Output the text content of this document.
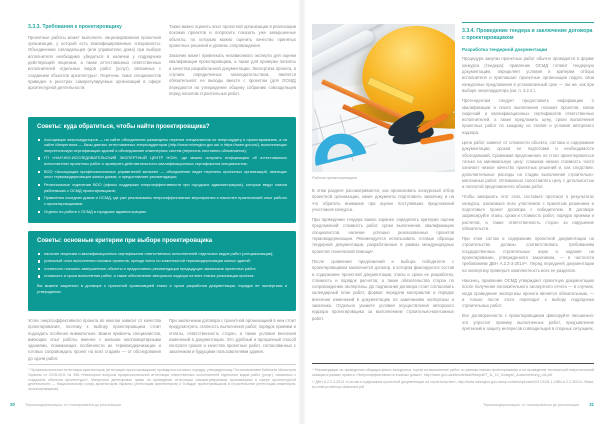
3.3.3. Требования к проектировщику

Проектные работы может выполнять лицензированная проектная организация, у которой есть квалифицированные специалисты. Объединению совладельцев (или управителю дома) при выборе исполнителя необходимо убедиться в наличии у подрядчика действующей лицензии, а также аттестованных ответственных исполнителей отдельных видов работ (услуг), связанных с созданием объектов архитектуры⁸. Перечень таких специалистов приведен в реестрах саморегулируемых организаций в сфере архитектурной деятельности.

Также важно оценить опыт проектной организации в реализации похожих проектов и попросить показать уже завершенные объекты, по которым можно оценить качество принятых проектных решений и уровень сопровождения.

Заказчик может привлекать независимого эксперта для оценки квалификации проектировщика, а также для проверки полноты и качества разработанной документации. Экспертиза проекта, в случаях определенных законодательством, является обязательной: ее выводы вместе с проектом (для ОСМД) передаются на утверждение общему собранию совладельцев перед началом строительных работ.

Советы: куда обратиться, чтобы найти проектировщика?
Ассоциация энергоаудиторов — на сайте объединения размещены перечни специалистов по энергоаудиту и проектированию, а на сайте Минрегиона — базы данных аттестованных энергоаудиторов (http://www.minregion.gov.ua/ и https://saee.gov.ua/), выполняющих энергетическую сертификацию зданий и обследование инженерных систем (перечень постоянно обновляется);
ГП «НАУЧНО-ИССЛЕДОВАТЕЛЬСКИЙ ЭКСПЕРТНЫЙ ЦЕНТР НСИ», где можно получить информацию об аттестованных исполнителях проектных работ и проверить действительность квалификационных сертификатов специалистов;
ВОО «Ассоциация профессиональных управителей жильем» — объединение ведет перечень проектных организаций, имеющих опыт термомодернизации жилых домов, и предоставляет рекомендации;
Региональные отделения ВОО (офисы поддержки энергоэффективности при городских администрациях), которые ведут списки работавших с ОСМД проектировщиков;
Правления соседних домов и ОСМД, где уже реализованы энергоэффективные мероприятия и накоплен практический опыт работы с проектировщиками;
Отделы по работе с ОСМД в городских администрациях.
Советы: основные критерии при выборе проектировщика
наличие лицензии и квалификационных сертификатов ответственных исполнителей отдельных видов работ (специализация);
успешный опыт выполнения похожих проектов, прежде всего по комплексной термомодернизации жилых зданий;
готовность показать завершенные объекты и предоставить рекомендации предыдущих заказчиков проектных работ;
стоимость и сроки выполнения работ, а также обеспечение авторского надзора на всех этапах реализации проекта.

Вы можете закрепить в договоре с проектной организацией этапы и сроки разработки документации, порядок ее экспертизы и утверждения.

Успех энергоэффективного проекта во многом зависит от качества проектирования, поэтому к выбору проектировщика стоит подходить особенно внимательно. Важно привлечь специалистов, имеющих опыт работы именно с жилыми многоквартирными зданиями, понимающих особенности их термомодернизации и готовых сопровождать проект на всех стадиях — от обследования до сдачи работ.

При заключении договора с проектной организацией в нем стоит предусмотреть этапность выполнения работ, порядок приемки и оплаты, ответственность сторон, а также условия внесения изменений в документацию. Это удобный и прозрачный способ контроля сроков и качества проектных работ, согласованных с заказчиком и будущими пользователями здания.

⁸ Профессиональная аттестация архитекторов (аттестация проектировщиков) проводится согласно порядку, утвержденному Постановлением Кабинета Министров Украины от 23.05.2011 № 554 «Некоторые вопросы профессиональной аттестации ответственных исполнителей отдельных видов работ (услуг), связанных с созданием объектов архитектуры». Минрегион делегировал право на проведение аттестации саморегулируемым организациям в сфере архитектурной деятельности — Национальному союзу архитекторов Украины (аттестация архитекторов) и Гильдии проектировщиков в строительстве (аттестация инженеров-проектировщиков).

30	Термомодернизация: от планирования до реализации

Работа проектировщика

В этом разделе рассматривается, как организовать конкурсный отбор проектной организации, какие документы подготовить заказчику и на что обратить внимание при оценке поступивших предложений участников конкурса.

При проведении тендера важно заранее определить критерии оценки предложений: стоимость работ, сроки выполнения, квалификацию специалистов, наличие успешно реализованных проектов термомодернизации. Рекомендуется использовать готовые образцы тендерной документации, разработанные в рамках международных проектов технической помощи⁹.

После сравнения предложений и выбора победителя с проектировщиком заключается договор, в котором фиксируются состав и содержание проектной документации, этапы и сроки ее разработки, стоимость и порядок расчетов, а также обязательства сторон по сопровождению экспертизы. До подписания договора стоит согласовать календарный план работ, формат передачи материалов и порядок внесения изменений в документацию по замечаниям экспертизы и заказчика. Отдельно укажите условия осуществления авторского надзора проектировщика за выполнением строительно-монтажных работ.

3.3.4. Проведение тендера и заключение договора с проектировщиком
Разработка тендерной документации

Процедура закупки проектных работ обычно проводится в форме конкурса (тендера): правление ОСМД готовит тендерную документацию, определяет условия и критерии отбора исполнителя и приглашает проектные организации подать свои конкурсные предложения в установленный срок — так же, как при выборе энергоаудитора (см. п. 3.2.2.).

Претендентам следует предоставить информацию о квалификации и опыте выполнения похожих проектов, копии лицензий и квалификационных сертификатов ответственных исполнителей, а также предложить цену, сроки выполнения проектных работ по каждому из этапов и условия авторского надзора.

Цена работ зависит от сложности объекта, состава и содержания документации, сроков ее подготовки и необходимости обследований. Сравнивая предложения, не стоит ориентироваться только на минимальную цену: слишком низкая стоимость часто означает низкое качество проектных решений и, как следствие, дополнительные расходы на стадии выполнения строительно-монтажных работ. Оптимально сопоставлять цену с детальностью и полнотой предложенного объема работ.

Чтобы завершить этот этап, составьте протокол о результатах конкурса, ознакомьте всех участников с принятым решением и подготовьте проект договора с победителем. В договоре зафиксируйте этапы, сроки и стоимость работ, порядок приемки и расчетов, а также ответственность сторон за нарушение обязательств.

При этом состав и содержание проектной документации на строительство должны соответствовать требованиям государственных строительных норм и задания на проектирование, утвержденного заказчиком, — в частности требованиям ДБН А.2.2-3-2014¹⁰. Перед передачей документации на экспертизу проверьте комплектность всех ее разделов.

Наконец, правление ОСМД утверждает проектную документацию после получения положительного экспертного отчета — в случаях, когда проведение экспертизы проекта является обязательным, — и только после этого переходит к выбору подрядчика строительных работ.

Все договоренности с проектировщиком фиксируйте письменно: это упростит приемку выполненных работ, предъявление претензий и защиту интересов совладельцев в спорных ситуациях.

⁹ Рекомендации по проведению общедоступных конкурсных торгов на выполнение работ по разным этапам проектирования и на проведение технической энергетической санации в рамках проекта «Энергоэффективность в жилых домах», http://saee.gov.ua/sites/default/files/pdf/7_11_10_Vorlagen_Ausschreibung_UA.pdf

¹⁰ ДБН А.2.2-3-2014 «Состав и содержание проектной документации на строительство», http://www.minregion.gov.ua/wp-content/uploads/2017/12/6.1.-DBN-A.2.2-32014.-Sklad-ta-zmist-proektnoyi-dokument.pdf

Термомодернизация: от планирования до реализации 31
